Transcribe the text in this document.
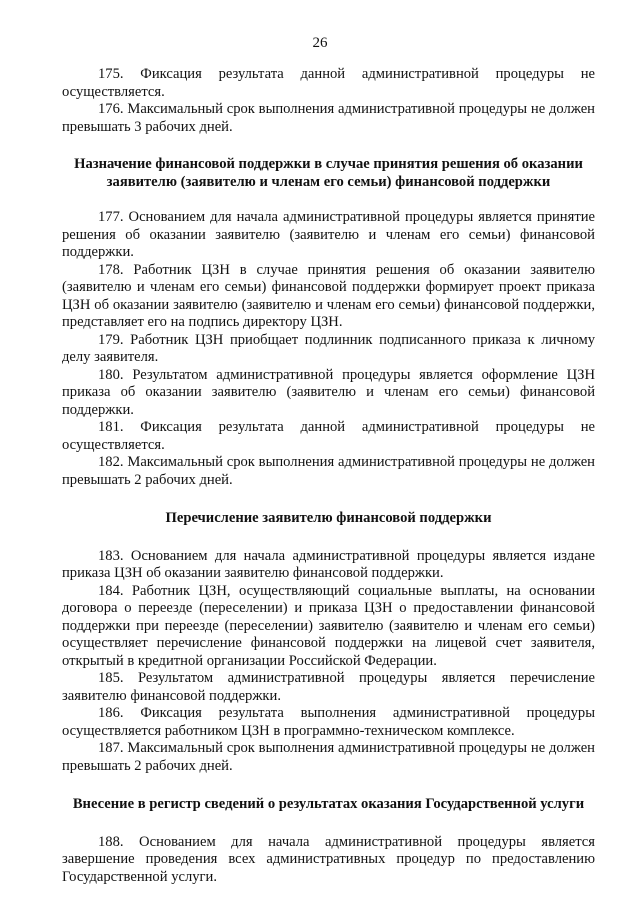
26

175. Фиксация результата данной административной процедуры не осуществляется.

176. Максимальный срок выполнения административной процедуры не должен превышать 3 рабочих дней.

Назначение финансовой поддержки в случае принятия решения об оказании заявителю (заявителю и членам его семьи) финансовой поддержки

177. Основанием для начала административной процедуры является принятие решения об оказании заявителю (заявителю и членам его семьи) финансовой поддержки.

178. Работник ЦЗН в случае принятия решения об оказании заявителю (заявителю и членам его семьи) финансовой поддержки формирует проект приказа ЦЗН об оказании заявителю (заявителю и членам его семьи) финансовой поддержки, представляет его на подпись директору ЦЗН.

179. Работник ЦЗН приобщает подлинник подписанного приказа к личному делу заявителя.

180. Результатом административной процедуры является оформление ЦЗН приказа об оказании заявителю (заявителю и членам его семьи) финансовой поддержки.

181. Фиксация результата данной административной процедуры не осуществляется.

182. Максимальный срок выполнения административной процедуры не должен превышать 2 рабочих дней.

Перечисление заявителю финансовой поддержки

183. Основанием для начала административной процедуры является издане приказа ЦЗН об оказании заявителю финансовой поддержки.

184. Работник ЦЗН, осуществляющий социальные выплаты, на основании договора о переезде (переселении) и приказа ЦЗН о предоставлении финансовой поддержки при переезде (переселении) заявителю (заявителю и членам его семьи) осуществляет перечисление финансовой поддержки на лицевой счет заявителя, открытый в кредитной организации Российской Федерации.

185. Результатом административной процедуры является перечисление заявителю финансовой поддержки.

186. Фиксация результата выполнения административной процедуры осуществляется работником ЦЗН в программно-техническом комплексе.

187. Максимальный срок выполнения административной процедуры не должен превышать 2 рабочих дней.

Внесение в регистр сведений о результатах оказания Государственной услуги

188. Основанием для начала административной процедуры является завершение проведения всех административных процедур по предоставлению Государственной услуги.
